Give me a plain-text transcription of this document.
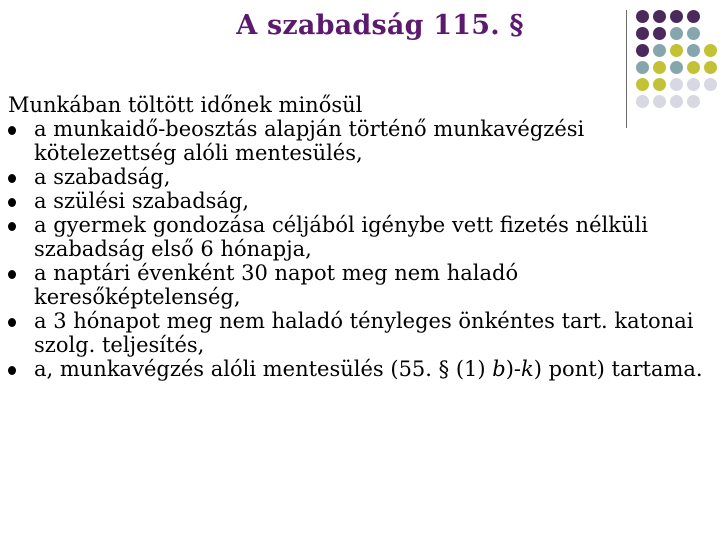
A szabadság 115. §

Munkában töltött időnek minősül

a munkaidő-beosztás alapján történő munkavégzési kötelezettség alóli mentesülés,
a szabadság,
a szülési szabadság,
a gyermek gondozása céljából igénybe vett fizetés nélküli szabadság első 6 hónapja,
a naptári évenként 30 napot meg nem haladó keresőképtelenség,
a 3 hónapot meg nem haladó tényleges önkéntes tart. katonai szolg. teljesítés,
a, munkavégzés alóli mentesülés (55. § (1) b)-k) pont) tartama.
